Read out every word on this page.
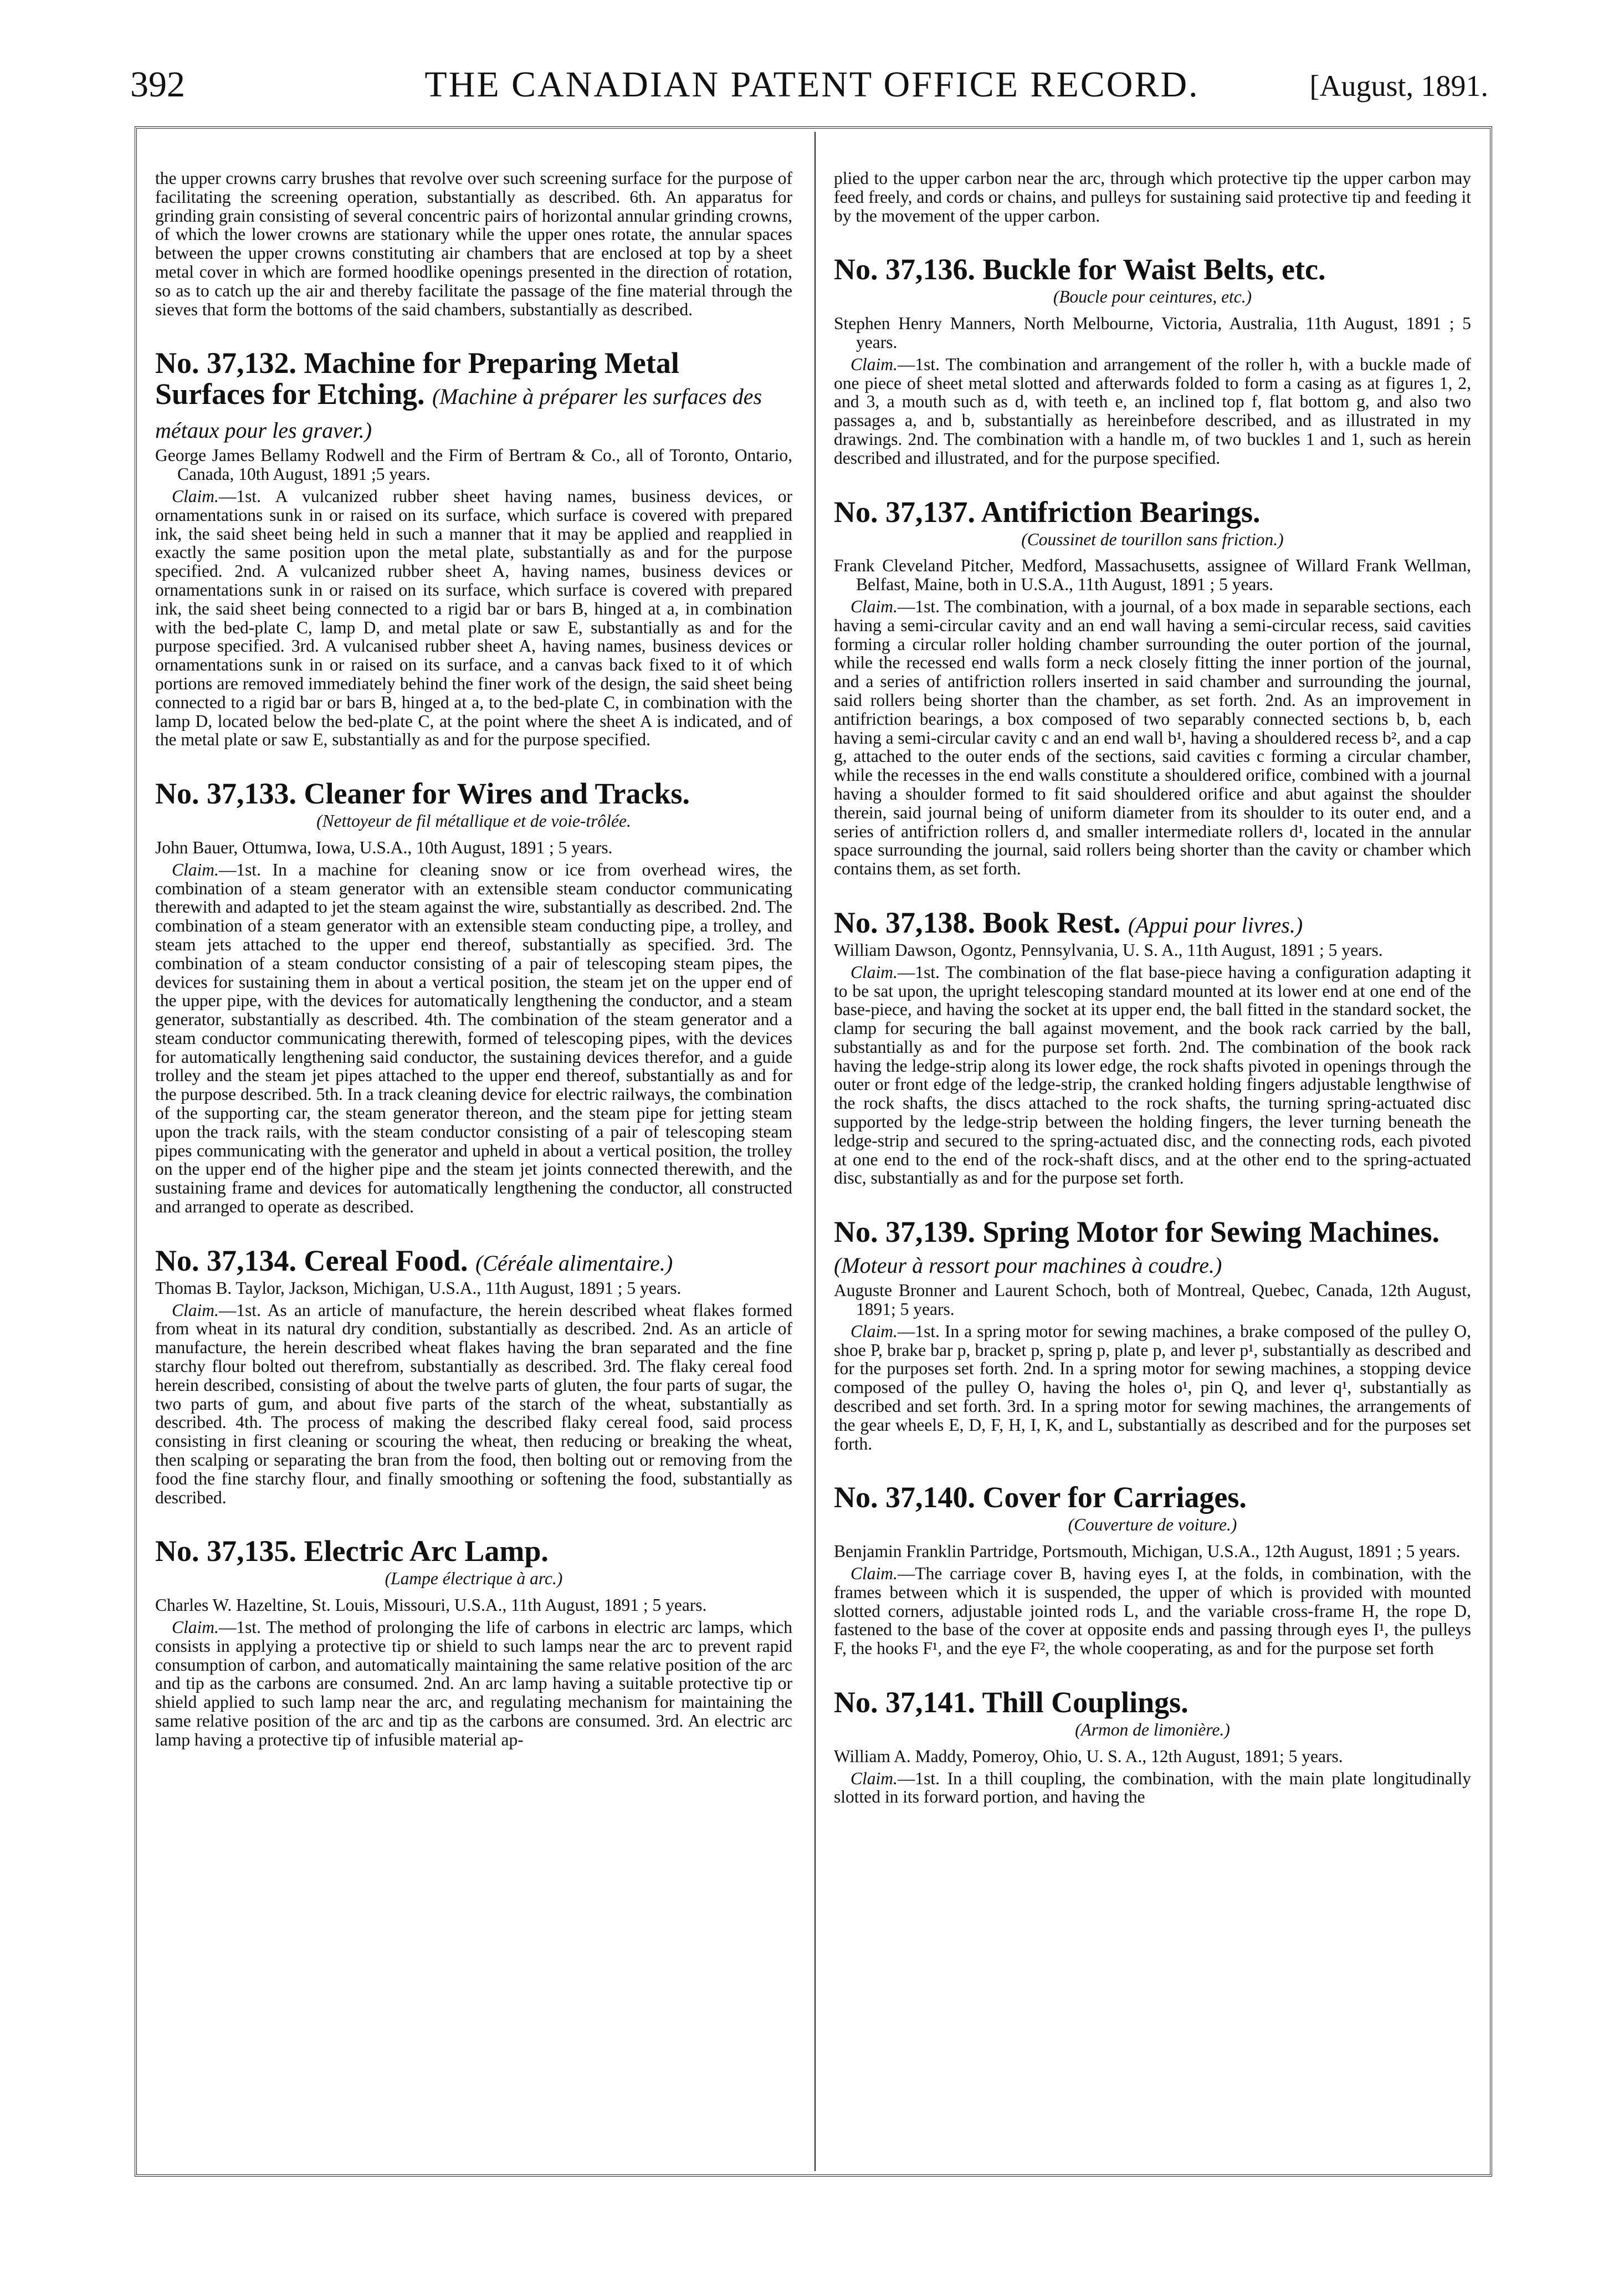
392	THE CANADIAN PATENT OFFICE RECORD.	[August, 1891.

the upper crowns carry brushes that revolve over such screening surface for the purpose of facilitating the screening operation, substantially as described. 6th. An apparatus for grinding grain consisting of several concentric pairs of horizontal annular grinding crowns, of which the lower crowns are stationary while the upper ones rotate, the annular spaces between the upper crowns constituting air chambers that are enclosed at top by a sheet metal cover in which are formed hoodlike openings presented in the direction of rotation, so as to catch up the air and thereby facilitate the passage of the fine material through the sieves that form the bottoms of the said chambers, substantially as described.

No. 37,132. Machine for Preparing Metal Surfaces for Etching. (Machine à préparer les surfaces des métaux pour les graver.)

George James Bellamy Rodwell and the Firm of Bertram & Co., all of Toronto, Ontario, Canada, 10th August, 1891 ;5 years.

Claim.—1st. A vulcanized rubber sheet having names, business devices, or ornamentations sunk in or raised on its surface, which surface is covered with prepared ink, the said sheet being held in such a manner that it may be applied and reapplied in exactly the same position upon the metal plate, substantially as and for the purpose specified. 2nd. A vulcanized rubber sheet A, having names, business devices or ornamentations sunk in or raised on its surface, which surface is covered with prepared ink, the said sheet being connected to a rigid bar or bars B, hinged at a, in combination with the bed-plate C, lamp D, and metal plate or saw E, substantially as and for the purpose specified. 3rd. A vulcanised rubber sheet A, having names, business devices or ornamentations sunk in or raised on its surface, and a canvas back fixed to it of which portions are removed immediately behind the finer work of the design, the said sheet being connected to a rigid bar or bars B, hinged at a, to the bed-plate C, in combination with the lamp D, located below the bed-plate C, at the point where the sheet A is indicated, and of the metal plate or saw E, substantially as and for the purpose specified.

No. 37,133. Cleaner for Wires and Tracks.

(Nettoyeur de fil métallique et de voie-trôlée.

John Bauer, Ottumwa, Iowa, U.S.A., 10th August, 1891 ; 5 years.

Claim.—1st. In a machine for cleaning snow or ice from overhead wires, the combination of a steam generator with an extensible steam conductor communicating therewith and adapted to jet the steam against the wire, substantially as described. 2nd. The combination of a steam generator with an extensible steam conducting pipe, a trolley, and steam jets attached to the upper end thereof, substantially as specified. 3rd. The combination of a steam conductor consisting of a pair of telescoping steam pipes, the devices for sustaining them in about a vertical position, the steam jet on the upper end of the upper pipe, with the devices for automatically lengthening the conductor, and a steam generator, substantially as described. 4th. The combination of the steam generator and a steam conductor communicating therewith, formed of telescoping pipes, with the devices for automatically lengthening said conductor, the sustaining devices therefor, and a guide trolley and the steam jet pipes attached to the upper end thereof, substantially as and for the purpose described. 5th. In a track cleaning device for electric railways, the combination of the supporting car, the steam generator thereon, and the steam pipe for jetting steam upon the track rails, with the steam conductor consisting of a pair of telescoping steam pipes communicating with the generator and upheld in about a vertical position, the trolley on the upper end of the higher pipe and the steam jet joints connected therewith, and the sustaining frame and devices for automatically lengthening the conductor, all constructed and arranged to operate as described.

No. 37,134. Cereal Food. (Céréale alimentaire.)

Thomas B. Taylor, Jackson, Michigan, U.S.A., 11th August, 1891 ; 5 years.

Claim.—1st. As an article of manufacture, the herein described wheat flakes formed from wheat in its natural dry condition, substantially as described. 2nd. As an article of manufacture, the herein described wheat flakes having the bran separated and the fine starchy flour bolted out therefrom, substantially as described. 3rd. The flaky cereal food herein described, consisting of about the twelve parts of gluten, the four parts of sugar, the two parts of gum, and about five parts of the starch of the wheat, substantially as described. 4th. The process of making the described flaky cereal food, said process consisting in first cleaning or scouring the wheat, then reducing or breaking the wheat, then scalping or separating the bran from the food, then bolting out or removing from the food the fine starchy flour, and finally smoothing or softening the food, substantially as described.

No. 37,135. Electric Arc Lamp.

(Lampe électrique à arc.)

Charles W. Hazeltine, St. Louis, Missouri, U.S.A., 11th August, 1891 ; 5 years.

Claim.—1st. The method of prolonging the life of carbons in electric arc lamps, which consists in applying a protective tip or shield to such lamps near the arc to prevent rapid consumption of carbon, and automatically maintaining the same relative position of the arc and tip as the carbons are consumed. 2nd. An arc lamp having a suitable protective tip or shield applied to such lamp near the arc, and regulating mechanism for maintaining the same relative position of the arc and tip as the carbons are consumed. 3rd. An electric arc lamp having a protective tip of infusible material ap-

plied to the upper carbon near the arc, through which protective tip the upper carbon may feed freely, and cords or chains, and pulleys for sustaining said protective tip and feeding it by the movement of the upper carbon.

No. 37,136. Buckle for Waist Belts, etc.

(Boucle pour ceintures, etc.)

Stephen Henry Manners, North Melbourne, Victoria, Australia, 11th August, 1891 ; 5 years.

Claim.—1st. The combination and arrangement of the roller h, with a buckle made of one piece of sheet metal slotted and afterwards folded to form a casing as at figures 1, 2, and 3, a mouth such as d, with teeth e, an inclined top f, flat bottom g, and also two passages a, and b, substantially as hereinbefore described, and as illustrated in my drawings. 2nd. The combination with a handle m, of two buckles 1 and 1, such as herein described and illustrated, and for the purpose specified.

No. 37,137. Antifriction Bearings.

(Coussinet de tourillon sans friction.)

Frank Cleveland Pitcher, Medford, Massachusetts, assignee of Willard Frank Wellman, Belfast, Maine, both in U.S.A., 11th August, 1891 ; 5 years.

Claim.—1st. The combination, with a journal, of a box made in separable sections, each having a semi-circular cavity and an end wall having a semi-circular recess, said cavities forming a circular roller holding chamber surrounding the outer portion of the journal, while the recessed end walls form a neck closely fitting the inner portion of the journal, and a series of antifriction rollers inserted in said chamber and surrounding the journal, said rollers being shorter than the chamber, as set forth. 2nd. As an improvement in antifriction bearings, a box composed of two separably connected sections b, b, each having a semi-circular cavity c and an end wall b¹, having a shouldered recess b², and a cap g, attached to the outer ends of the sections, said cavities c forming a circular chamber, while the recesses in the end walls constitute a shouldered orifice, combined with a journal having a shoulder formed to fit said shouldered orifice and abut against the shoulder therein, said journal being of uniform diameter from its shoulder to its outer end, and a series of antifriction rollers d, and smaller intermediate rollers d¹, located in the annular space surrounding the journal, said rollers being shorter than the cavity or chamber which contains them, as set forth.

No. 37,138. Book Rest. (Appui pour livres.)

William Dawson, Ogontz, Pennsylvania, U. S. A., 11th August, 1891 ; 5 years.

Claim.—1st. The combination of the flat base-piece having a configuration adapting it to be sat upon, the upright telescoping standard mounted at its lower end at one end of the base-piece, and having the socket at its upper end, the ball fitted in the standard socket, the clamp for securing the ball against movement, and the book rack carried by the ball, substantially as and for the purpose set forth. 2nd. The combination of the book rack having the ledge-strip along its lower edge, the rock shafts pivoted in openings through the outer or front edge of the ledge-strip, the cranked holding fingers adjustable lengthwise of the rock shafts, the discs attached to the rock shafts, the turning spring-actuated disc supported by the ledge-strip between the holding fingers, the lever turning beneath the ledge-strip and secured to the spring-actuated disc, and the connecting rods, each pivoted at one end to the end of the rock-shaft discs, and at the other end to the spring-actuated disc, substantially as and for the purpose set forth.

No. 37,139. Spring Motor for Sewing Machines. (Moteur à ressort pour machines à coudre.)

Auguste Bronner and Laurent Schoch, both of Montreal, Quebec, Canada, 12th August, 1891; 5 years.

Claim.—1st. In a spring motor for sewing machines, a brake composed of the pulley O, shoe P, brake bar p, bracket p, spring p, plate p, and lever p¹, substantially as described and for the purposes set forth. 2nd. In a spring motor for sewing machines, a stopping device composed of the pulley O, having the holes o¹, pin Q, and lever q¹, substantially as described and set forth. 3rd. In a spring motor for sewing machines, the arrangements of the gear wheels E, D, F, H, I, K, and L, substantially as described and for the purposes set forth.

No. 37,140. Cover for Carriages.

(Couverture de voiture.)

Benjamin Franklin Partridge, Portsmouth, Michigan, U.S.A., 12th August, 1891 ; 5 years.

Claim.—The carriage cover B, having eyes I, at the folds, in combination, with the frames between which it is suspended, the upper of which is provided with mounted slotted corners, adjustable jointed rods L, and the variable cross-frame H, the rope D, fastened to the base of the cover at opposite ends and passing through eyes I¹, the pulleys F, the hooks F¹, and the eye F², the whole cooperating, as and for the purpose set forth

No. 37,141. Thill Couplings.

(Armon de limonière.)

William A. Maddy, Pomeroy, Ohio, U. S. A., 12th August, 1891; 5 years.

Claim.—1st. In a thill coupling, the combination, with the main plate longitudinally slotted in its forward portion, and having the
